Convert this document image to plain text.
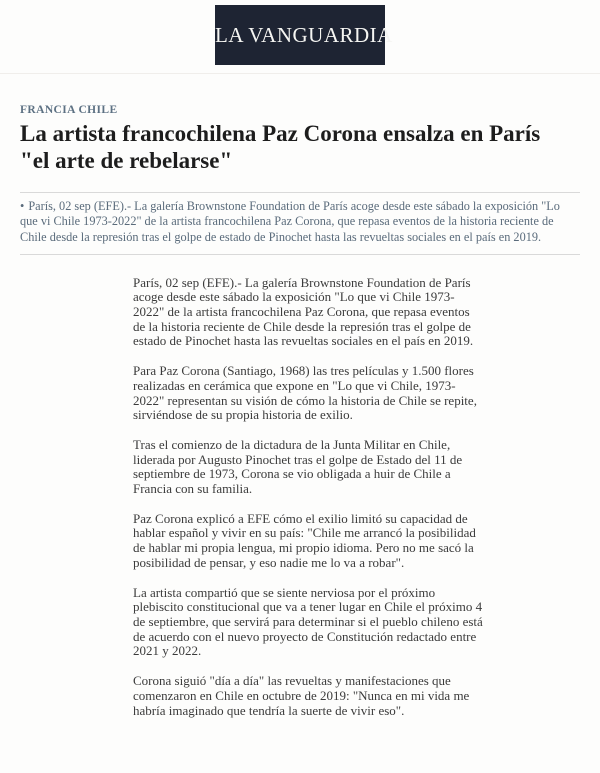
LA VANGUARDIA
FRANCIA CHILE
La artista francochilena Paz Corona ensalza en París "el arte de rebelarse"
• París, 02 sep (EFE).- La galería Brownstone Foundation de París acoge desde este sábado la exposición "Lo que vi Chile 1973-2022" de la artista francochilena Paz Corona, que repasa eventos de la historia reciente de Chile desde la represión tras el golpe de estado de Pinochet hasta las revueltas sociales en el país en 2019.

París, 02 sep (EFE).- La galería Brownstone Foundation de París acoge desde este sábado la exposición "Lo que vi Chile 1973-2022" de la artista francochilena Paz Corona, que repasa eventos de la historia reciente de Chile desde la represión tras el golpe de estado de Pinochet hasta las revueltas sociales en el país en 2019.

Para Paz Corona (Santiago, 1968) las tres películas y 1.500 flores realizadas en cerámica que expone en "Lo que vi Chile, 1973-2022" representan su visión de cómo la historia de Chile se repite, sirviéndose de su propia historia de exilio.

Tras el comienzo de la dictadura de la Junta Militar en Chile, liderada por Augusto Pinochet tras el golpe de Estado del 11 de septiembre de 1973, Corona se vio obligada a huir de Chile a Francia con su familia.

Paz Corona explicó a EFE cómo el exilio limitó su capacidad de hablar español y vivir en su país: "Chile me arrancó la posibilidad de hablar mi propia lengua, mi propio idioma. Pero no me sacó la posibilidad de pensar, y eso nadie me lo va a robar".

La artista compartió que se siente nerviosa por el próximo plebiscito constitucional que va a tener lugar en Chile el próximo 4 de septiembre, que servirá para determinar si el pueblo chileno está de acuerdo con el nuevo proyecto de Constitución redactado entre 2021 y 2022.

Corona siguió "día a día" las revueltas y manifestaciones que comenzaron en Chile en octubre de 2019: "Nunca en mi vida me habría imaginado que tendría la suerte de vivir eso".
